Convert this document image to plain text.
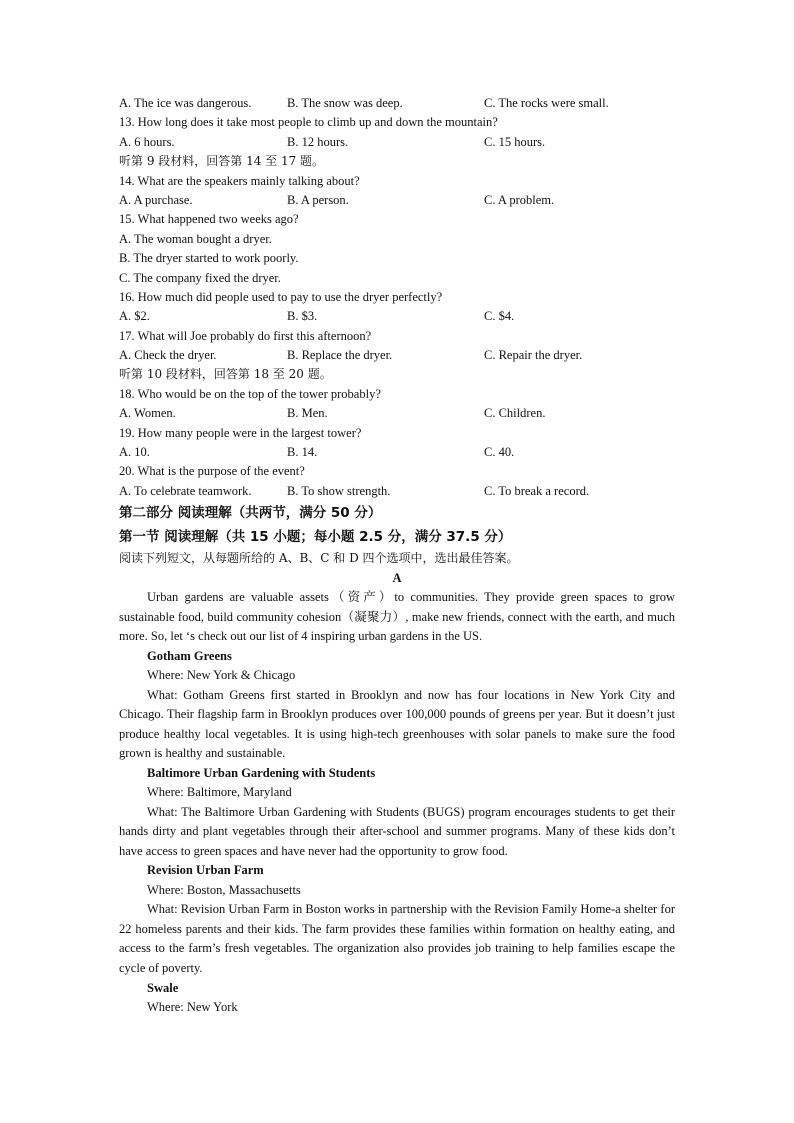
A. The ice was dangerous.	B. The snow was deep.	C. The rocks were small.
13. How long does it take most people to climb up and down the mountain?
A. 6 hours.	B. 12 hours.	C. 15 hours.
听第 9 段材料，回答第 14 至 17 题。
14. What are the speakers mainly talking about?
A. A purchase.	B. A person.	C. A problem.
15. What happened two weeks ago?
A. The woman bought a dryer.
B. The dryer started to work poorly.
C. The company fixed the dryer.
16. How much did people used to pay to use the dryer perfectly?
A. $2.	B. $3.	C. $4.
17. What will Joe probably do first this afternoon?
A. Check the dryer.	B. Replace the dryer.	C. Repair the dryer.
听第 10 段材料，回答第 18 至 20 题。
18. Who would be on the top of the tower probably?
A. Women.	B. Men.	C. Children.
19. How many people were in the largest tower?
A. 10.	B. 14.	C. 40.
20. What is the purpose of the event?
A. To celebrate teamwork.	B. To show strength.	C. To break a record.
第二部分 阅读理解（共两节，满分 50 分）
第一节 阅读理解（共 15 小题；每小题 2.5 分，满分 37.5 分）
阅读下列短文，从每题所给的 A、B、C 和 D 四个选项中，选出最佳答案。
A

Urban gardens are valuable assets（资产）to communities. They provide green spaces to grow sustainable food, build community cohesion（凝聚力）, make new friends, connect with the earth, and much more. So, let ‘s check out our list of 4 inspiring urban gardens in the US.

Gotham Greens
Where: New York & Chicago

What: Gotham Greens first started in Brooklyn and now has four locations in New York City and Chicago. Their flagship farm in Brooklyn produces over 100,000 pounds of greens per year. But it doesn’t just produce healthy local vegetables. It is using high-tech greenhouses with solar panels to make sure the food grown is healthy and sustainable.

Baltimore Urban Gardening with Students
Where: Baltimore, Maryland

What: The Baltimore Urban Gardening with Students (BUGS) program encourages students to get their hands dirty and plant vegetables through their after-school and summer programs. Many of these kids don’t have access to green spaces and have never had the opportunity to grow food.

Revision Urban Farm
Where: Boston, Massachusetts

What: Revision Urban Farm in Boston works in partnership with the Revision Family Home-a shelter for 22 homeless parents and their kids. The farm provides these families within formation on healthy eating, and access to the farm’s fresh vegetables. The organization also provides job training to help families escape the cycle of poverty.

Swale
Where: New York
